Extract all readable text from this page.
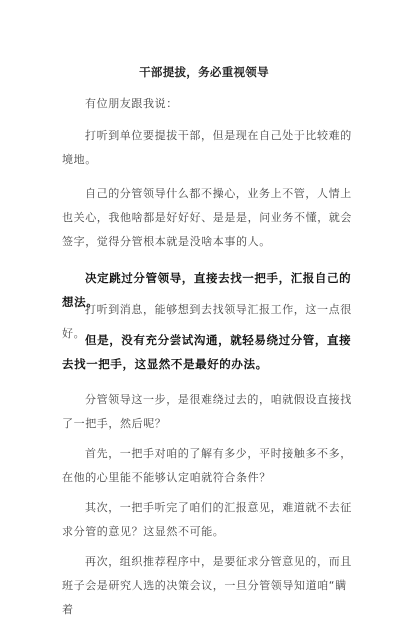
干部提拔，务必重视领导

有位朋友跟我说：

打听到单位要提拔干部，但是现在自己处于比较难的境地。

自己的分管领导什么都不操心，业务上不管，人情上也关心，我他啥都是好好好、是是是，问业务不懂，就会签字，觉得分管根本就是没啥本事的人。

决定跳过分管领导，直接去找一把手，汇报自己的想法。

打听到消息，能够想到去找领导汇报工作，这一点很好。 但是，没有充分尝试沟通，就轻易绕过分管，直接去找一把手，这显然不是最好的办法。

分管领导这一步，是很难绕过去的，咱就假设直接找了一把手，然后呢？

首先，一把手对咱的了解有多少，平时接触多不多，在他的心里能不能够认定咱就符合条件？

其次，一把手听完了咱们的汇报意见，难道就不去征求分管的意见？这显然不可能。

再次，组织推荐程序中，是要征求分管意见的，而且班子会是研究人选的决策会议，一旦分管领导知道咱“瞒着
